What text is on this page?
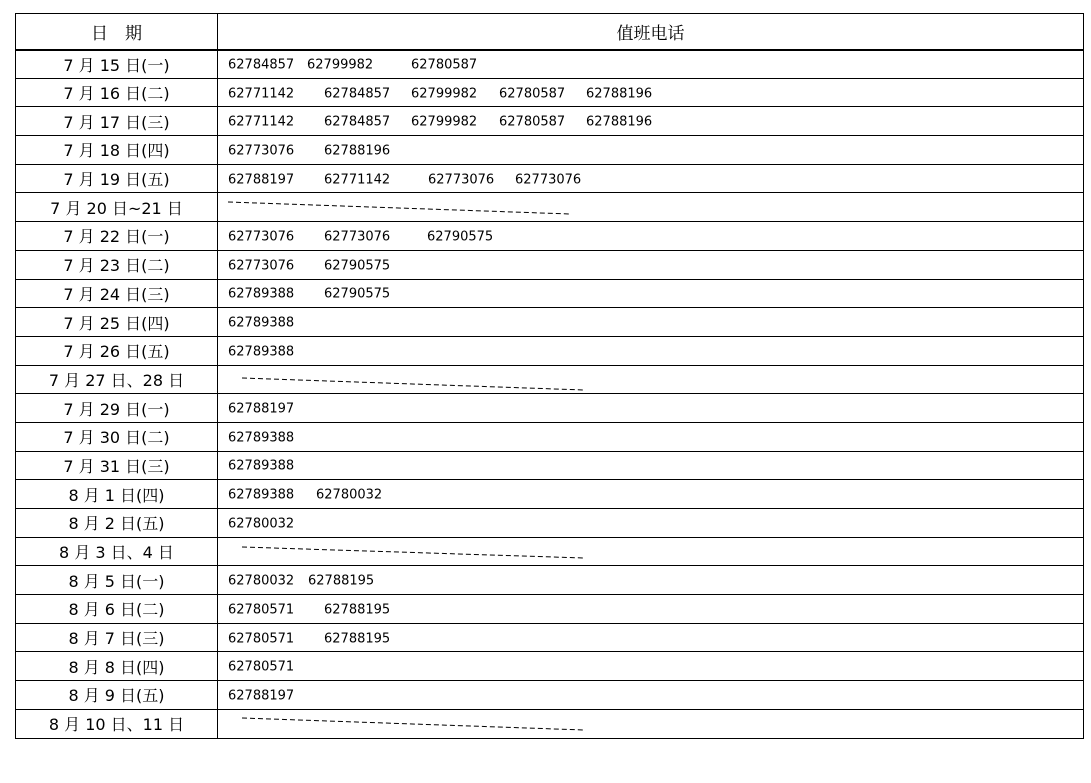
日　期	值班电话
7 月 15 日(一)	62784857 62799982 62780587

7 月 16 日(二)	62771142 62784857 62799982 62780587 62788196

7 月 17 日(三)	62771142 62784857 62799982 62780587 62788196

7 月 18 日(四)	62773076 62788196

7 月 19 日(五)	62788197 62771142 62773076 62773076

7 月 20 日~21 日	

7 月 22 日(一)	62773076 62773076 62790575

7 月 23 日(二)	62773076 62790575

7 月 24 日(三)	62789388 62790575

7 月 25 日(四)	62789388

7 月 26 日(五)	62789388

7 月 27 日、28 日	

7 月 29 日(一)	62788197

7 月 30 日(二)	62789388

7 月 31 日(三)	62789388

8 月 1 日(四)	62789388 62780032

8 月 2 日(五)	62780032

8 月 3 日、4 日	

8 月 5 日(一)	62780032 62788195

8 月 6 日(二)	62780571 62788195

8 月 7 日(三)	62780571 62788195

8 月 8 日(四)	62780571

8 月 9 日(五)	62788197

8 月 10 日、11 日	
